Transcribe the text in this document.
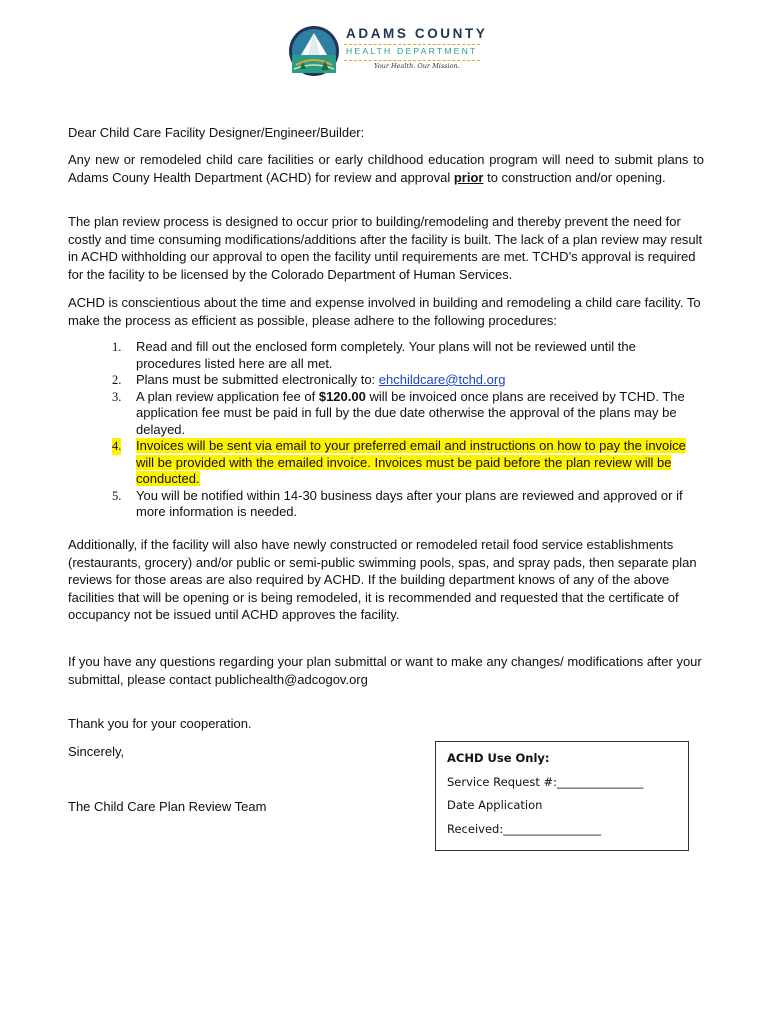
ADAMS COUNTY
HEALTH DEPARTMENT
Your Health. Our Mission.
Dear Child Care Facility Designer/Engineer/Builder:
Any new or remodeled child care facilities or early childhood education program will need to submit plans to Adams Couny Health Department (ACHD) for review and approval prior to construction and/or opening.
The plan review process is designed to occur prior to building/remodeling and thereby prevent the need for costly and time consuming modifications/additions after the facility is built. The lack of a plan review may result in ACHD withholding our approval to open the facility until requirements are met. TCHD’s approval is required for the facility to be licensed by the Colorado Department of Human Services.
ACHD is conscientious about the time and expense involved in building and remodeling a child care facility. To make the process as efficient as possible, please adhere to the following procedures:
1. Read and fill out the enclosed form completely. Your plans will not be reviewed until the procedures listed here are all met.
2. Plans must be submitted electronically to: ehchildcare@tchd.org
3. A plan review application fee of $120.00 will be invoiced once plans are received by TCHD. The application fee must be paid in full by the due date otherwise the approval of the plans may be delayed.
4. Invoices will be sent via email to your preferred email and instructions on how to pay the invoice will be provided with the emailed invoice. Invoices must be paid before the plan review will be conducted.
5. You will be notified within 14-30 business days after your plans are reviewed and approved or if more information is needed.
Additionally, if the facility will also have newly constructed or remodeled retail food service establishments (restaurants, grocery) and/or public or semi-public swimming pools, spas, and spray pads, then separate plan reviews for those areas are also required by ACHD. If the building department knows of any of the above facilities that will be opening or is being remodeled, it is recommended and requested that the certificate of occupancy not be issued until ACHD approves the facility.
If you have any questions regarding your plan submittal or want to make any changes/ modifications after your submittal, please contact publichealth@adcogov.org
Thank you for your cooperation.
Sincerely,
The Child Care Plan Review Team
ACHD Use Only:
Service Request #:_______________
Date Application
Received:_________________
